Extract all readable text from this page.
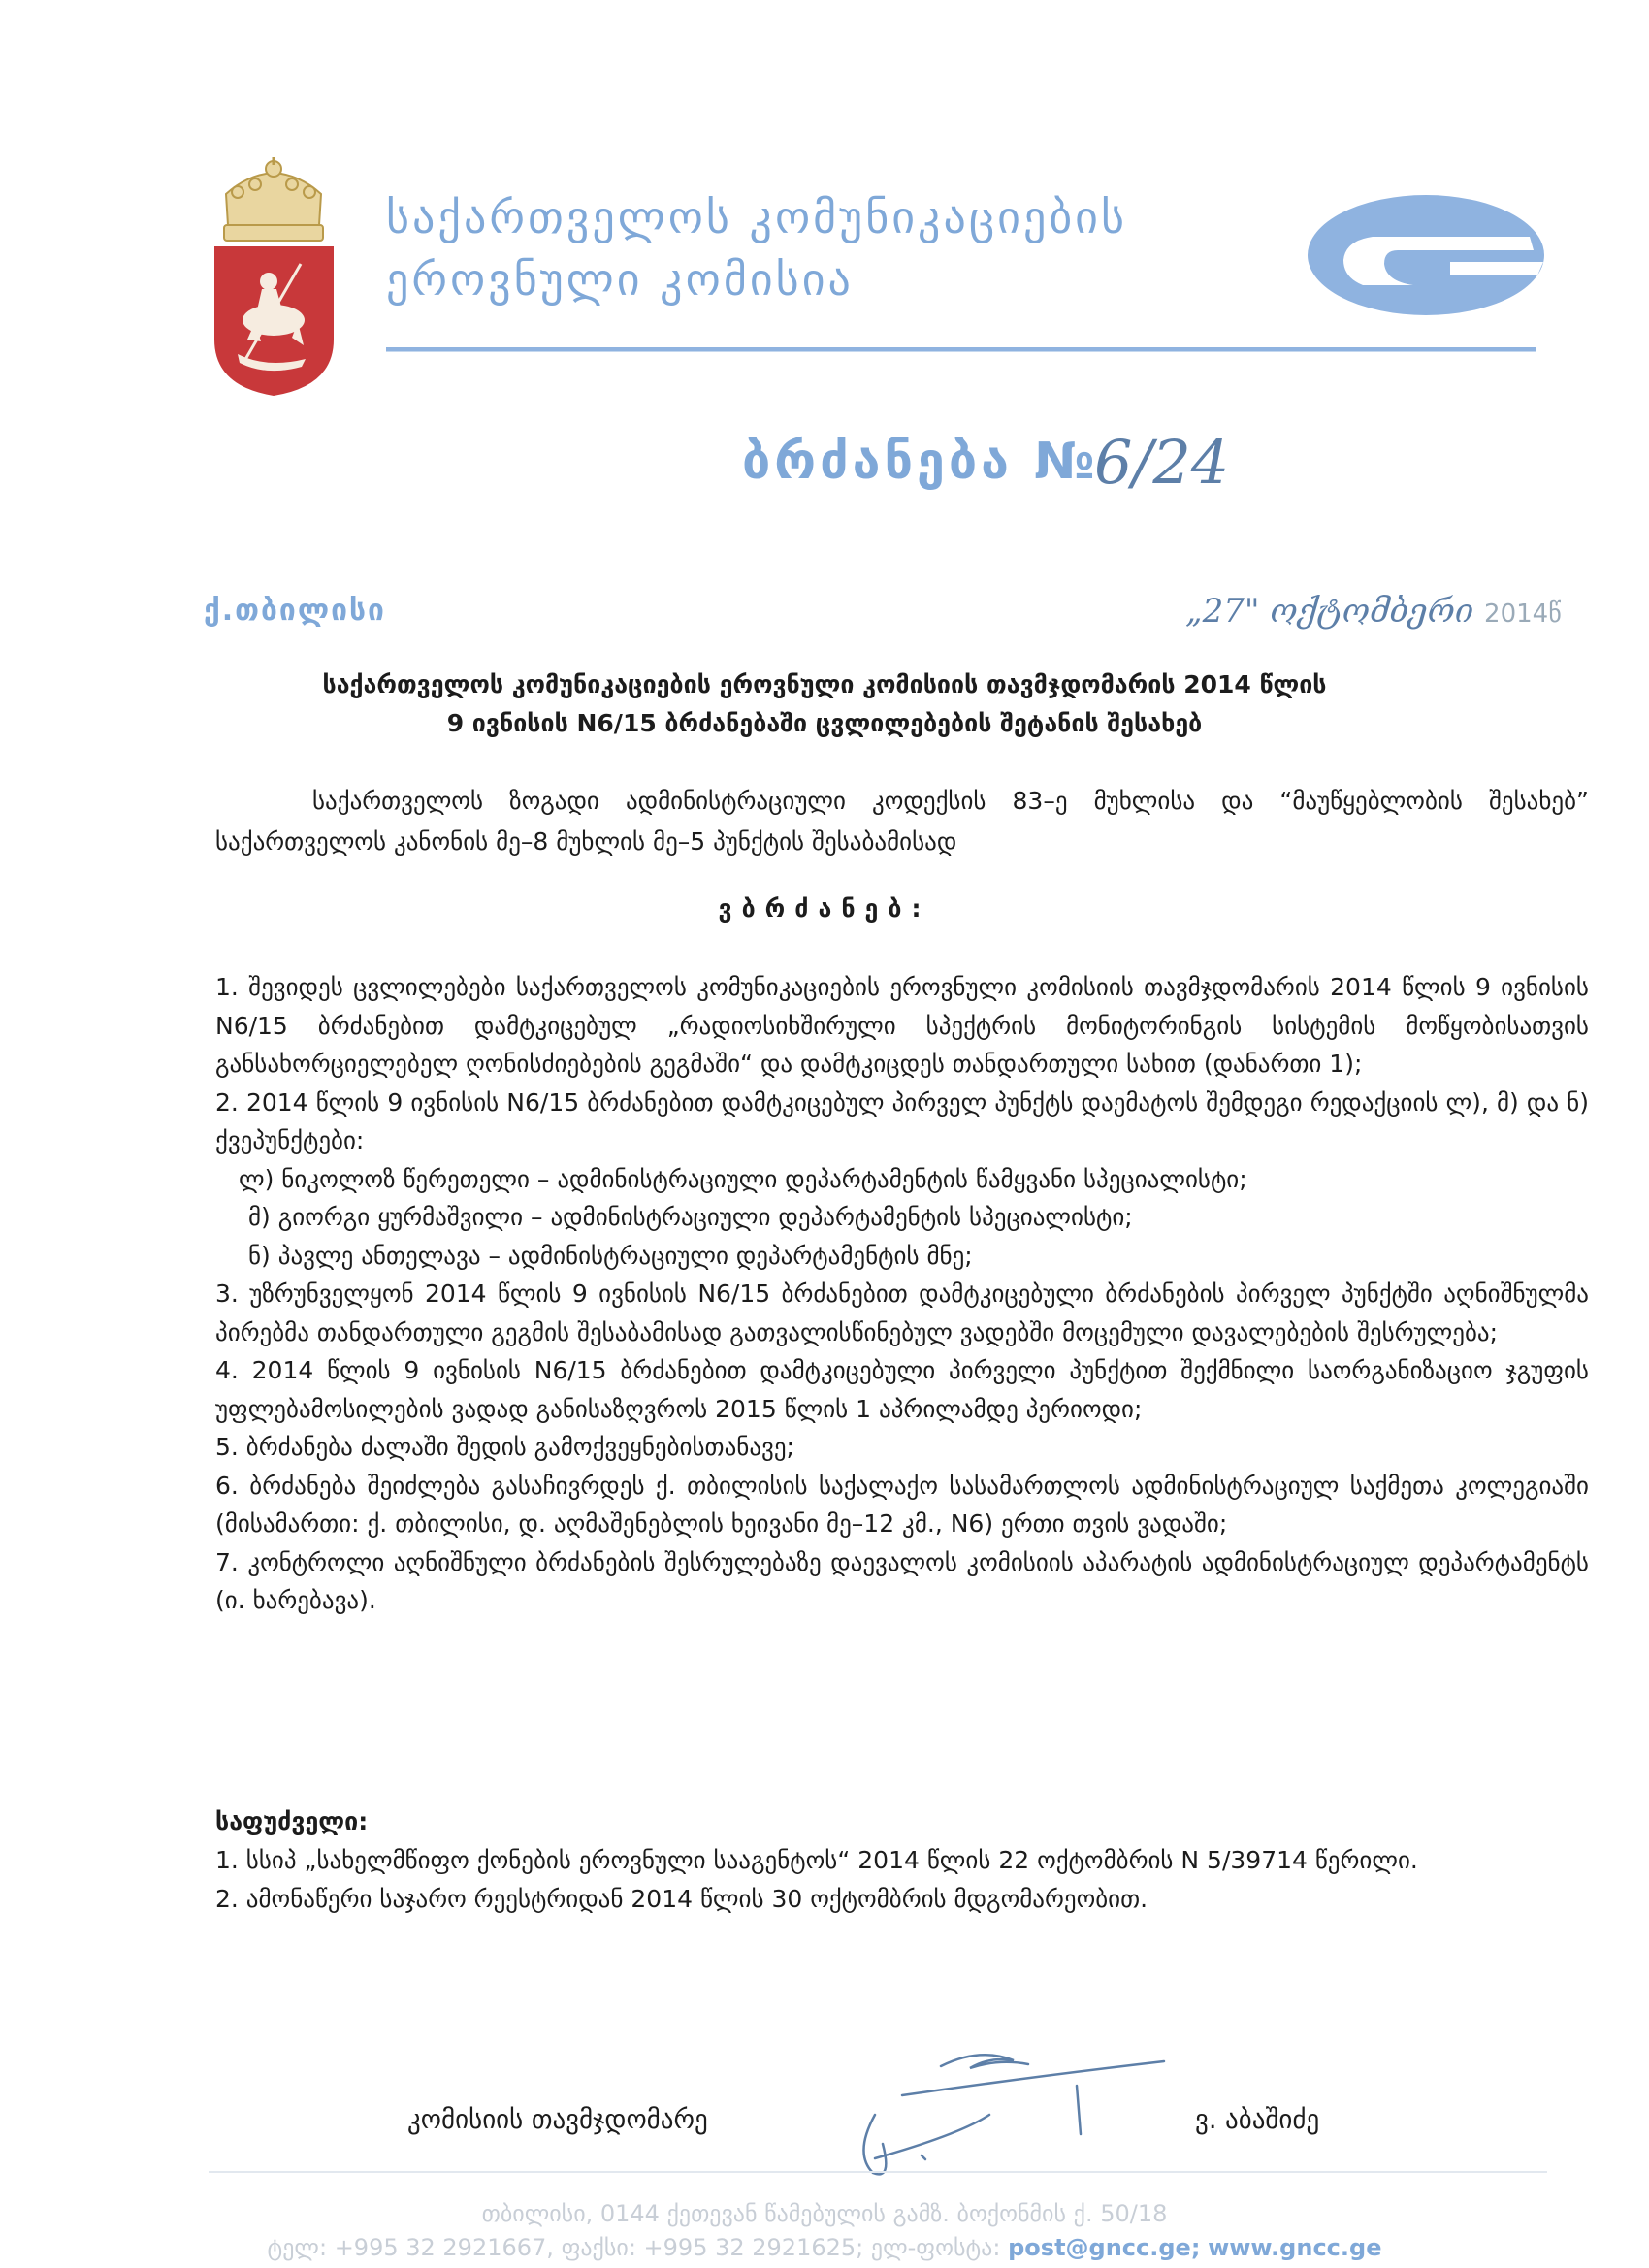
საქართველოს კომუნიკაციების
ეროვნული კომისია
ბრძანება №
6/24
ქ.თბილისი	„27" ოქტომბერი 2014წ
საქართველოს კომუნიკაციების ეროვნული კომისიის თავმჯდომარის 2014 წლის
9 ივნისის N6/15 ბრძანებაში ცვლილებების შეტანის შესახებ
საქართველოს ზოგადი ადმინისტრაციული კოდექსის 83–ე მუხლისა და “მაუწყებლობის შესახებ” საქართველოს კანონის მე–8 მუხლის მე–5 პუნქტის შესაბამისად
ვბრძანებ:

1. შევიდეს ცვლილებები საქართველოს კომუნიკაციების ეროვნული კომისიის თავმჯდომარის 2014 წლის 9 ივნისის N6/15 ბრძანებით დამტკიცებულ „რადიოსიხშირული სპექტრის მონიტორინგის სისტემის მოწყობისათვის განსახორციელებელ ღონისძიებების გეგმაში“ და დამტკიცდეს თანდართული სახით (დანართი 1);

2. 2014 წლის 9 ივნისის N6/15 ბრძანებით დამტკიცებულ პირველ პუნქტს დაემატოს შემდეგი რედაქციის ლ), მ) და ნ) ქვეპუნქტები:

ლ) ნიკოლოზ წერეთელი – ადმინისტრაციული დეპარტამენტის წამყვანი სპეციალისტი;

მ) გიორგი ყურმაშვილი – ადმინისტრაციული დეპარტამენტის სპეციალისტი;

ნ) პავლე ანთელავა – ადმინისტრაციული დეპარტამენტის მნე;

3. უზრუნველყონ 2014 წლის 9 ივნისის N6/15 ბრძანებით დამტკიცებული ბრძანების პირველ პუნქტში აღნიშნულმა პირებმა თანდართული გეგმის შესაბამისად გათვალისწინებულ ვადებში მოცემული დავალებების შესრულება;

4. 2014 წლის 9 ივნისის N6/15 ბრძანებით დამტკიცებული პირველი პუნქტით შექმნილი საორგანიზაციო ჯგუფის უფლებამოსილების ვადად განისაზღვროს 2015 წლის 1 აპრილამდე პერიოდი;

5. ბრძანება ძალაში შედის გამოქვეყნებისთანავე;

6. ბრძანება შეიძლება გასაჩივრდეს ქ. თბილისის საქალაქო სასამართლოს ადმინისტრაციულ საქმეთა კოლეგიაში (მისამართი: ქ. თბილისი, დ. აღმაშენებლის ხეივანი მე–12 კმ., N6) ერთი თვის ვადაში;

7. კონტროლი აღნიშნული ბრძანების შესრულებაზე დაევალოს კომისიის აპარატის ადმინისტრაციულ დეპარტამენტს (ი. ხარებავა).

საფუძველი:

1. სსიპ „სახელმწიფო ქონების ეროვნული სააგენტოს“ 2014 წლის 22 ოქტომბრის N 5/39714 წერილი.

2. ამონაწერი საჯარო რეესტრიდან 2014 წლის 30 ოქტომბრის მდგომარეობით.

კომისიის თავმჯდომარე	ვ. აბაშიძე
თბილისი, 0144 ქეთევან წამებულის გამზ. ბოქონმის ქ. 50/18
ტელ: +995 32 2921667, ფაქსი: +995 32 2921625; ელ-ფოსტა: post@gncc.ge; www.gncc.ge
